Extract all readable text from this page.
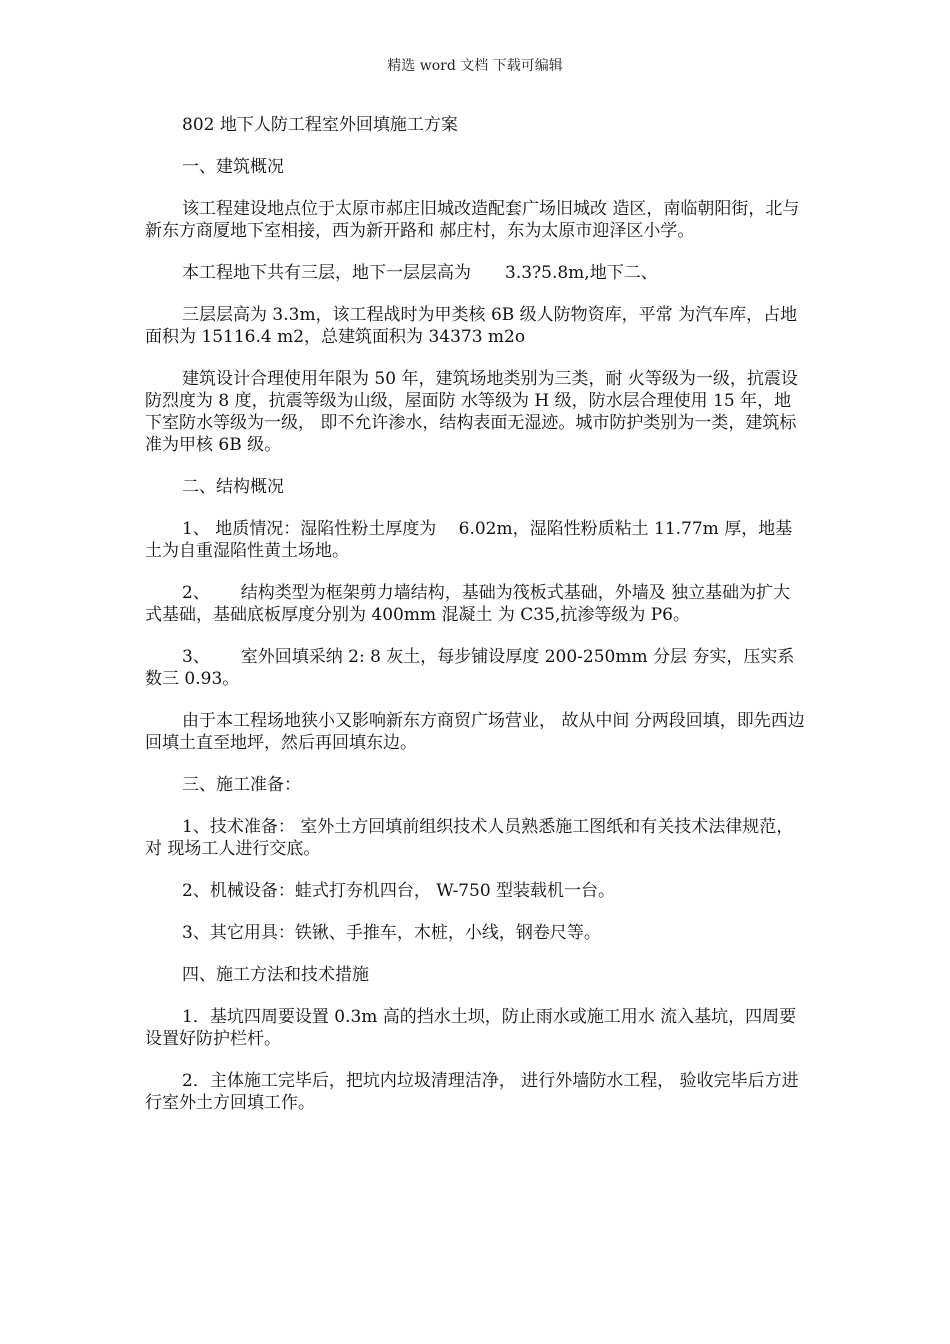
精选 word 文档 下载可编辑

802 地下人防工程室外回填施工方案

一、建筑概况

该工程建设地点位于太原市郝庄旧城改造配套广场旧城改 造区，南临朝阳街，北与新东方商厦地下室相接，西为新开路和 郝庄村，东为太原市迎泽区小学。

本工程地下共有三层，地下一层层高为　　3.3?5.8m,地下二、

三层层高为 3.3m，该工程战时为甲类核 6B 级人防物资库，平常 为汽车库，占地面积为 15116.4 m2，总建筑面积为 34373 m2o

建筑设计合理使用年限为 50 年，建筑场地类别为三类，耐 火等级为一级，抗震设防烈度为 8 度，抗震等级为山级，屋面防 水等级为 H 级，防水层合理使用 15 年，地下室防水等级为一级， 即不允许渗水，结构表面无湿迹。城市防护类别为一类，建筑标 准为甲核 6B 级。

二、结构概况

1、 地质情况：湿陷性粉土厚度为　 6.02m，湿陷性粉质粘土 11.77m 厚，地基土为自重湿陷性黄土场地。

2、　　 结构类型为框架剪力墙结构，基础为筏板式基础，外墙及 独立基础为扩大式基础，基础底板厚度分别为 400mm 混凝土 为 C35,抗渗等级为 P6。

3、　　 室外回填采纳 2: 8 灰土，每步铺设厚度 200-250mm 分层 夯实，压实系数三 0.93。

由于本工程场地狭小又影响新东方商贸广场营业， 故从中间 分两段回填，即先西边回填土直至地坪，然后再回填东边。

三、施工准备：

1、技术准备： 室外土方回填前组织技术人员熟悉施工图纸和有关技术法律规范， 对 现场工人进行交底。

2、机械设备：蛙式打夯机四台， W-750 型装载机一台。

3、其它用具：铁锹、手推车，木桩，小线，钢卷尺等。

四、施工方法和技术措施

1．基坑四周要设置 0.3m 高的挡水土坝，防止雨水或施工用水 流入基坑，四周要设置好防护栏杆。

2．主体施工完毕后，把坑内垃圾清理洁净， 进行外墙防水工程， 验收完毕后方进行室外土方回填工作。
